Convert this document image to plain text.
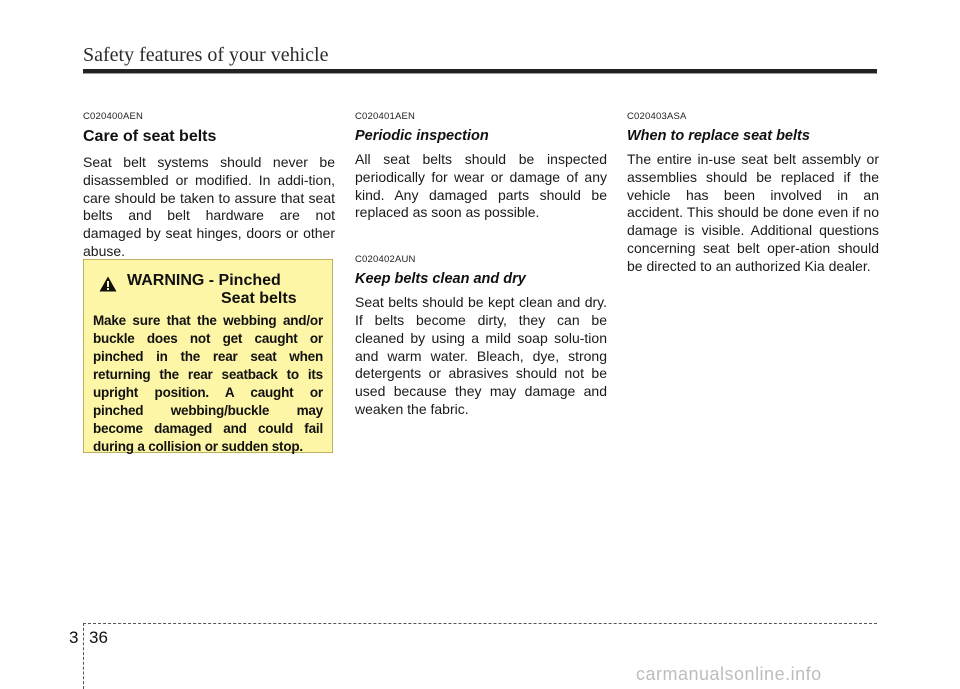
Safety features of your vehicle

C020400AEN

Care of seat belts

Seat belt systems should never be disassembled or modified. In addi-tion, care should be taken to assure that seat belts and belt hardware are not damaged by seat hinges, doors or other abuse.

WARNING - Pinched
Seat belts
Make sure that the webbing and/or buckle does not get caught or pinched in the rear seat when returning the rear seatback to its upright position. A caught or pinched webbing/buckle may become damaged and could fail during a collision or sudden stop.

C020401AEN

Periodic inspection

All seat belts should be inspected periodically for wear or damage of any kind. Any damaged parts should be replaced as soon as possible.

C020402AUN

Keep belts clean and dry

Seat belts should be kept clean and dry. If belts become dirty, they can be cleaned by using a mild soap solu-tion and warm water. Bleach, dye, strong detergents or abrasives should not be used because they may damage and weaken the fabric.

C020403ASA

When to replace seat belts

The entire in-use seat belt assembly or assemblies should be replaced if the vehicle has been involved in an accident. This should be done even if no damage is visible. Additional questions concerning seat belt oper-ation should be directed to an authorized Kia dealer.

3 36
carmanualsonline.info
